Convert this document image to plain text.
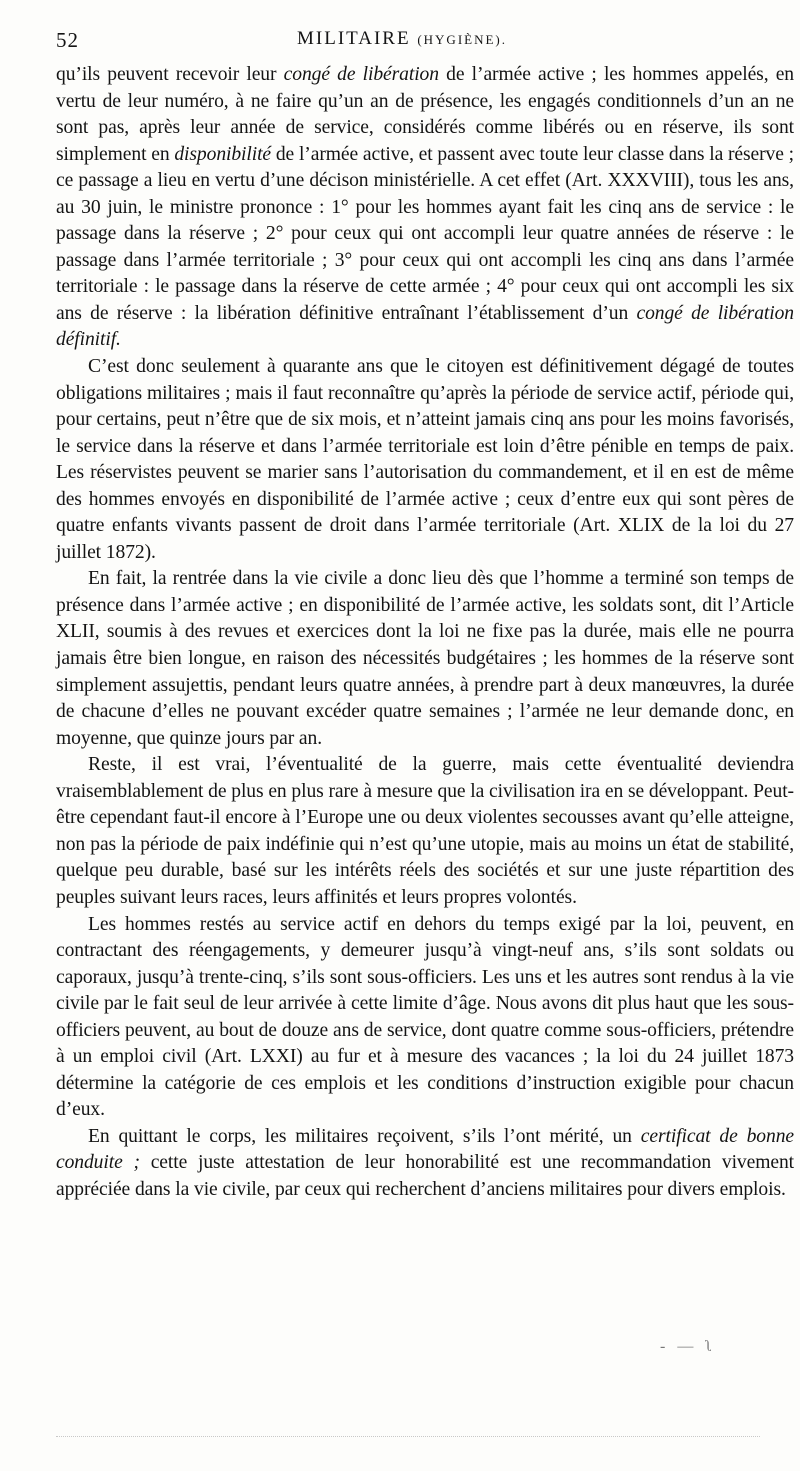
52	MILITAIRE (HYGIÈNE).

qu’ils peuvent recevoir leur congé de libération de l’armée active ; les hommes appelés, en vertu de leur numéro, à ne faire qu’un an de présence, les engagés conditionnels d’un an ne sont pas, après leur année de service, considérés comme libérés ou en réserve, ils sont simplement en disponibilité de l’armée active, et passent avec toute leur classe dans la réserve ; ce passage a lieu en vertu d’une décison ministérielle. A cet effet (Art. XXXVIII), tous les ans, au 30 juin, le ministre prononce : 1° pour les hommes ayant fait les cinq ans de service : le passage dans la réserve ; 2° pour ceux qui ont accompli leur quatre années de réserve : le passage dans l’armée territoriale ; 3° pour ceux qui ont accompli les cinq ans dans l’armée territoriale : le passage dans la réserve de cette armée ; 4° pour ceux qui ont accompli les six ans de réserve : la libération définitive entraînant l’établissement d’un congé de libération définitif.

C’est donc seulement à quarante ans que le citoyen est définitivement dégagé de toutes obligations militaires ; mais il faut reconnaître qu’après la période de service actif, période qui, pour certains, peut n’être que de six mois, et n’atteint jamais cinq ans pour les moins favorisés, le service dans la réserve et dans l’armée territoriale est loin d’être pénible en temps de paix. Les réservistes peuvent se marier sans l’autorisation du commandement, et il en est de même des hommes envoyés en disponibilité de l’armée active ; ceux d’entre eux qui sont pères de quatre enfants vivants passent de droit dans l’armée territoriale (Art. XLIX de la loi du 27 juillet 1872).

En fait, la rentrée dans la vie civile a donc lieu dès que l’homme a terminé son temps de présence dans l’armée active ; en disponibilité de l’armée active, les soldats sont, dit l’Article XLII, soumis à des revues et exercices dont la loi ne fixe pas la durée, mais elle ne pourra jamais être bien longue, en raison des nécessités budgétaires ; les hommes de la réserve sont simplement assujettis, pendant leurs quatre années, à prendre part à deux manœuvres, la durée de chacune d’elles ne pouvant excéder quatre semaines ; l’armée ne leur demande donc, en moyenne, que quinze jours par an.

Reste, il est vrai, l’éventualité de la guerre, mais cette éventualité deviendra vraisemblablement de plus en plus rare à mesure que la civilisation ira en se développant. Peut-être cependant faut-il encore à l’Europe une ou deux violentes secousses avant qu’elle atteigne, non pas la période de paix indéfinie qui n’est qu’une utopie, mais au moins un état de stabilité, quelque peu durable, basé sur les intérêts réels des sociétés et sur une juste répartition des peuples suivant leurs races, leurs affinités et leurs propres volontés.

Les hommes restés au service actif en dehors du temps exigé par la loi, peuvent, en contractant des réengagements, y demeurer jusqu’à vingt-neuf ans, s’ils sont soldats ou caporaux, jusqu’à trente-cinq, s’ils sont sous-officiers. Les uns et les autres sont rendus à la vie civile par le fait seul de leur arrivée à cette limite d’âge. Nous avons dit plus haut que les sous-officiers peuvent, au bout de douze ans de service, dont quatre comme sous-officiers, prétendre à un emploi civil (Art. LXXI) au fur et à mesure des vacances ; la loi du 24 juillet 1873 détermine la catégorie de ces emplois et les conditions d’instruction exigible pour chacun d’eux.

En quittant le corps, les militaires reçoivent, s’ils l’ont mérité, un certificat de bonne conduite ; cette juste attestation de leur honorabilité est une recommandation vivement appréciée dans la vie civile, par ceux qui recherchent d’anciens militaires pour divers emplois.

- — ʅ
